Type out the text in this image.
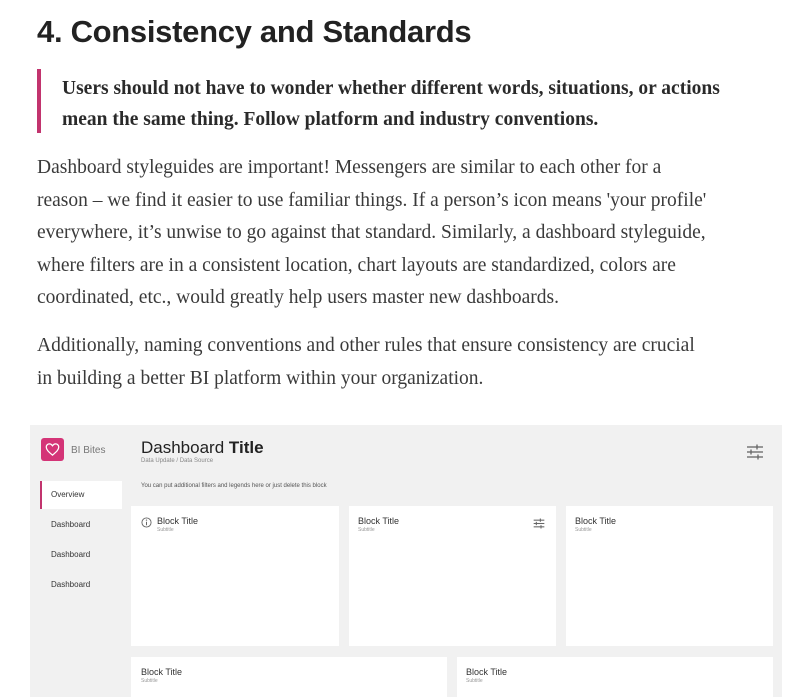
4. Consistency and Standards
Users should not have to wonder whether different words, situations, or actions
mean the same thing. Follow platform and industry conventions.

Dashboard styleguides are important! Messengers are similar to each other for a
reason – we find it easier to use familiar things. If a person’s icon means 'your profile'
everywhere, it’s unwise to go against that standard. Similarly, a dashboard styleguide,
where filters are in a consistent location, chart layouts are standardized, colors are
coordinated, etc., would greatly help users master new dashboards.

Additionally, naming conventions and other rules that ensure consistency are crucial
in building a better BI platform within your organization.

BI Bites
Overview
Dashboard
Dashboard
Dashboard
Dashboard Title
Data Update / Data Source
You can put additional filters and legends here or just delete this block
Block Title
Subtitle
Block Title
Subtitle
Block Title
Subtitle
Block Title
Subtitle
Block Title
Subtitle
